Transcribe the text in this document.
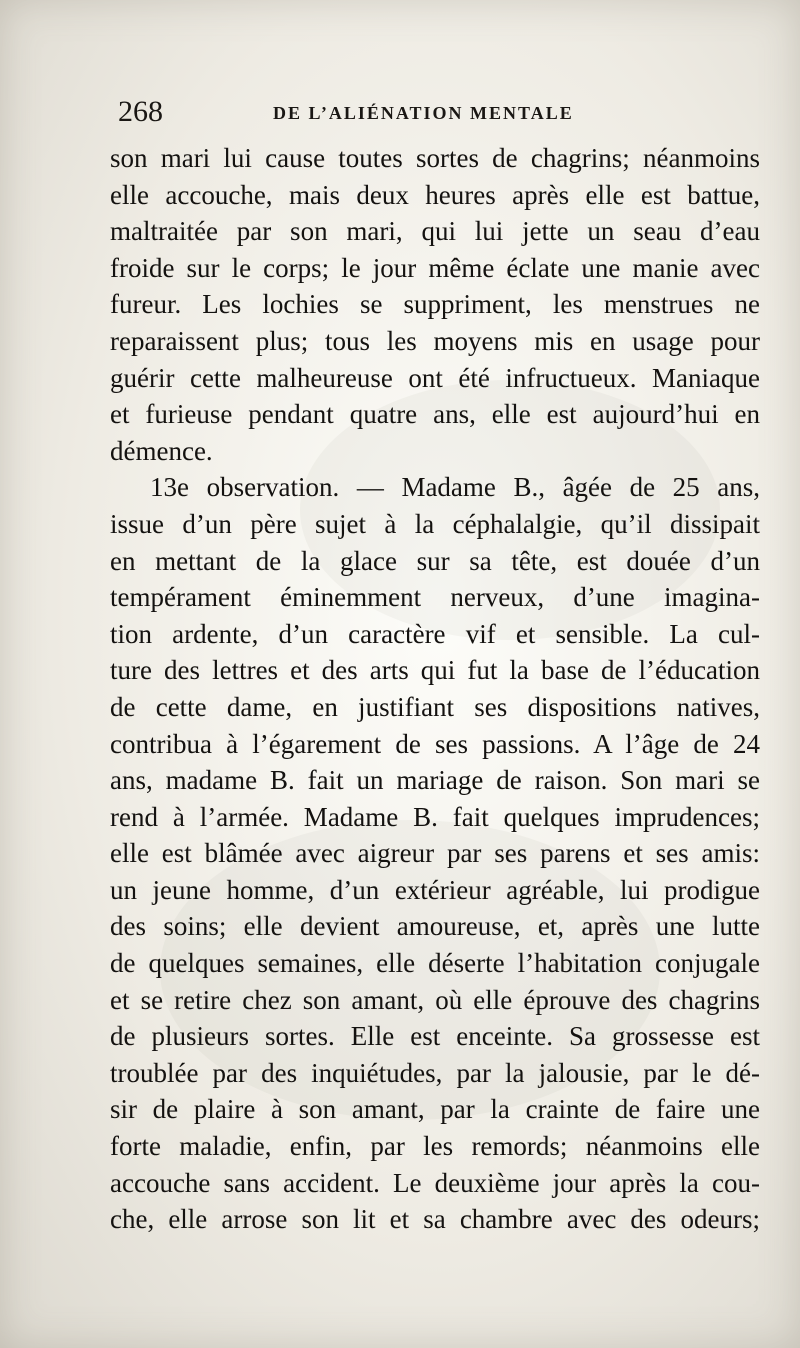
268	DE L’ALIÉNATION MENTALE
son mari lui cause toutes sortes de chagrins; néanmoins
elle accouche, mais deux heures après elle est battue,
maltraitée par son mari, qui lui jette un seau d’eau
froide sur le corps; le jour même éclate une manie avec
fureur. Les lochies se suppriment, les menstrues ne
reparaissent plus; tous les moyens mis en usage pour
guérir cette malheureuse ont été infructueux. Maniaque
et furieuse pendant quatre ans, elle est aujourd’hui en
démence.
13e observation. — Madame B., âgée de 25 ans,
issue d’un père sujet à la céphalalgie, qu’il dissipait
en mettant de la glace sur sa tête, est douée d’un
tempérament éminemment nerveux, d’une imagina-
tion ardente, d’un caractère vif et sensible. La cul-
ture des lettres et des arts qui fut la base de l’éducation
de cette dame, en justifiant ses dispositions natives,
contribua à l’égarement de ses passions. A l’âge de 24
ans, madame B. fait un mariage de raison. Son mari se
rend à l’armée. Madame B. fait quelques imprudences;
elle est blâmée avec aigreur par ses parens et ses amis:
un jeune homme, d’un extérieur agréable, lui prodigue
des soins; elle devient amoureuse, et, après une lutte
de quelques semaines, elle déserte l’habitation conjugale
et se retire chez son amant, où elle éprouve des chagrins
de plusieurs sortes. Elle est enceinte. Sa grossesse est
troublée par des inquiétudes, par la jalousie, par le dé-
sir de plaire à son amant, par la crainte de faire une
forte maladie, enfin, par les remords; néanmoins elle
accouche sans accident. Le deuxième jour après la cou-
che, elle arrose son lit et sa chambre avec des odeurs;
